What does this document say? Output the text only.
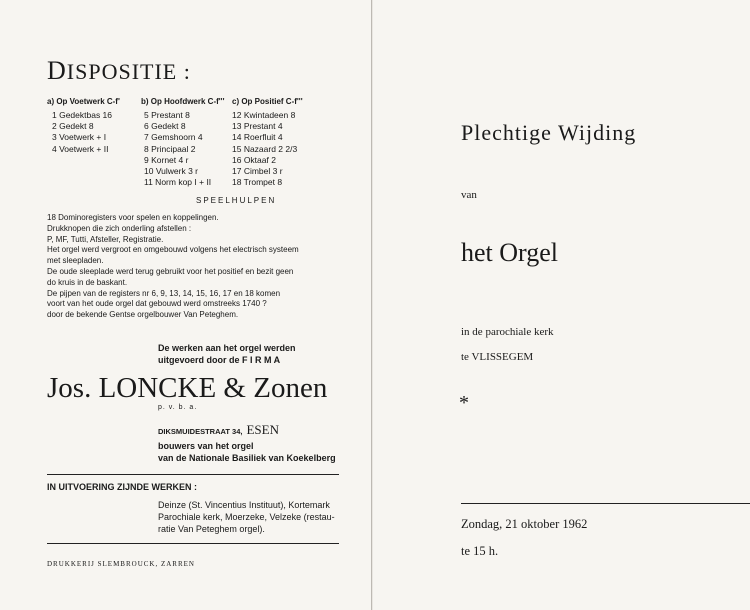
DISPOSITIE :
a) Op Voetwerk C-f'	b) Op Hoofdwerk C-f''' c) Op Positief C-f'''
1 Gedektbas 16
2 Gedekt 8
3 Voetwerk + I
4 Voetwerk + II
5 Prestant 8
6 Gedekt 8
7 Gemshoorn 4
8 Principaal 2
9 Kornet 4 r
10 Vulwerk 3 r
11 Norm kop I + II
12 Kwintadeen 8
13 Prestant 4
14 Roerfluit 4
15 Nazaard 2 2/3
16 Oktaaf 2
17 Cimbel 3 r
18 Trompet 8
SPEELHULPEN
18 Dominoregisters voor spelen en koppelingen.
Drukknopen die zich onderling afstellen :
P, MF, Tutti, Afsteller, Registratie.
Het orgel werd vergroot en omgebouwd volgens het electrisch systeem
met sleepladen.
De oude sleeplade werd terug gebruikt voor het positief en bezit geen
do kruis in de baskant.
De pijpen van de registers nr 6, 9, 13, 14, 15, 16, 17 en 18 komen
voort van het oude orgel dat gebouwd werd omstreeks 1740 ?
door de bekende Gentse orgelbouwer Van Peteghem.
De werken aan het orgel werden
uitgevoerd door de F I R M A
Jos. LONCKE & Zonen
p. v. b. a.
DIKSMUIDESTRAAT 34, ESEN
bouwers van het orgel
van de Nationale Basiliek van Koekelberg
IN UITVOERING ZIJNDE WERKEN :
Deinze (St. Vincentius Instituut), Kortemark
Parochiale kerk, Moerzeke, Velzeke (restau-
ratie Van Peteghem orgel).
DRUKKERIJ SLEMBROUCK, ZARREN
Plechtige Wijding
van
het Orgel
in de parochiale kerk
te VLISSEGEM
*
Zondag, 21 oktober 1962
te 15 h.
